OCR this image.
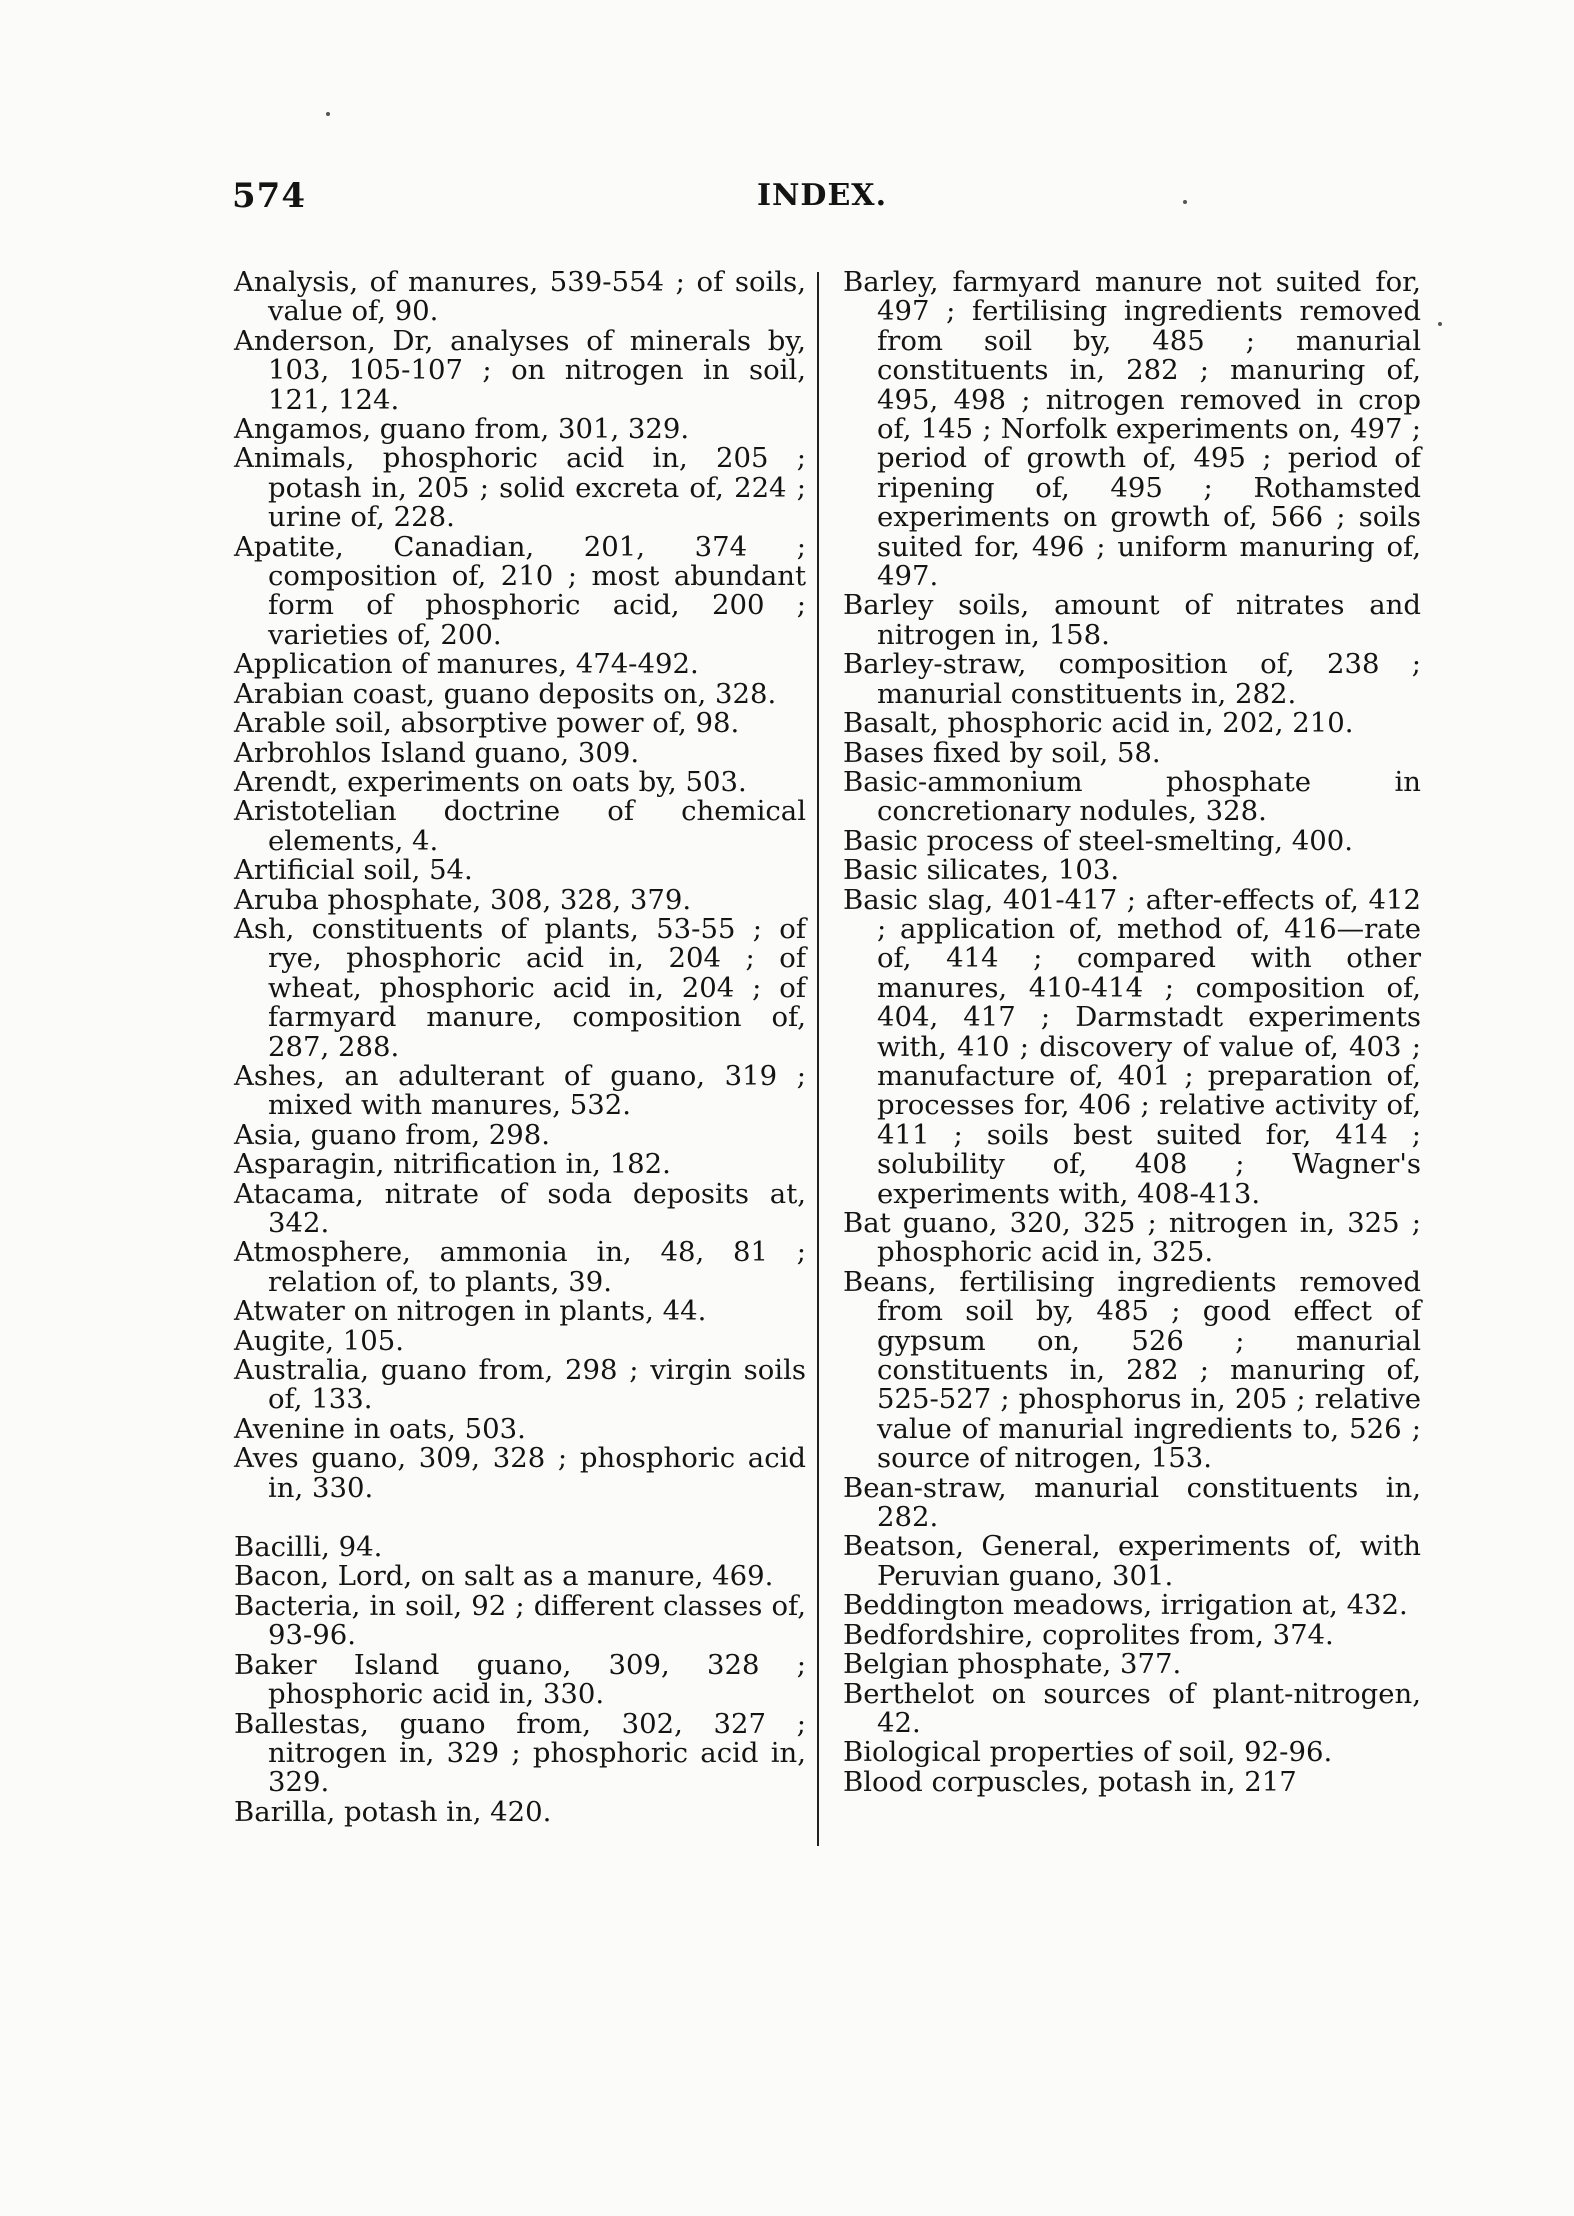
574	INDEX.

Analysis, of manures, 539-554 ; of soils, value of, 90.

Anderson, Dr, analyses of minerals by, 103, 105-107 ; on nitrogen in soil, 121, 124.

Angamos, guano from, 301, 329.

Animals, phosphoric acid in, 205 ; potash in, 205 ; solid excreta of, 224 ; urine of, 228.

Apatite, Canadian, 201, 374 ; composition of, 210 ; most abundant form of phosphoric acid, 200 ; varieties of, 200.

Application of manures, 474-492.

Arabian coast, guano deposits on, 328.

Arable soil, absorptive power of, 98.

Arbrohlos Island guano, 309.

Arendt, experiments on oats by, 503.

Aristotelian doctrine of chemical elements, 4.

Artificial soil, 54.

Aruba phosphate, 308, 328, 379.

Ash, constituents of plants, 53-55 ; of rye, phosphoric acid in, 204 ; of wheat, phosphoric acid in, 204 ; of farmyard manure, composition of, 287, 288.

Ashes, an adulterant of guano, 319 ; mixed with manures, 532.

Asia, guano from, 298.

Asparagin, nitrification in, 182.

Atacama, nitrate of soda deposits at, 342.

Atmosphere, ammonia in, 48, 81 ; relation of, to plants, 39.

Atwater on nitrogen in plants, 44.

Augite, 105.

Australia, guano from, 298 ; virgin soils of, 133.

Avenine in oats, 503.

Aves guano, 309, 328 ; phosphoric acid in, 330.

Bacilli, 94.

Bacon, Lord, on salt as a manure, 469.

Bacteria, in soil, 92 ; different classes of, 93-96.

Baker Island guano, 309, 328 ; phosphoric acid in, 330.

Ballestas, guano from, 302, 327 ; nitrogen in, 329 ; phosphoric acid in, 329.

Barilla, potash in, 420.

Barley, farmyard manure not suited for, 497 ; fertilising ingredients removed from soil by, 485 ; manurial constituents in, 282 ; manuring of, 495, 498 ; nitrogen removed in crop of, 145 ; Norfolk experiments on, 497 ; period of growth of, 495 ; period of ripening of, 495 ; Rothamsted experiments on growth of, 566 ; soils suited for, 496 ; uniform manuring of, 497.

Barley soils, amount of nitrates and nitrogen in, 158.

Barley-straw, composition of, 238 ; manurial constituents in, 282.

Basalt, phosphoric acid in, 202, 210.

Bases fixed by soil, 58.

Basic-ammonium phosphate in concretionary nodules, 328.

Basic process of steel-smelting, 400.

Basic silicates, 103.

Basic slag, 401-417 ; after-effects of, 412 ; application of, method of, 416—rate of, 414 ; compared with other manures, 410-414 ; composition of, 404, 417 ; Darmstadt experiments with, 410 ; discovery of value of, 403 ; manufacture of, 401 ; preparation of, processes for, 406 ; relative activity of, 411 ; soils best suited for, 414 ; solubility of, 408 ; Wagner's experiments with, 408-413.

Bat guano, 320, 325 ; nitrogen in, 325 ; phosphoric acid in, 325.

Beans, fertilising ingredients removed from soil by, 485 ; good effect of gypsum on, 526 ; manurial constituents in, 282 ; manuring of, 525-527 ; phosphorus in, 205 ; relative value of manurial ingredients to, 526 ; source of nitrogen, 153.

Bean-straw, manurial constituents in, 282.

Beatson, General, experiments of, with Peruvian guano, 301.

Beddington meadows, irrigation at, 432.

Bedfordshire, coprolites from, 374.

Belgian phosphate, 377.

Berthelot on sources of plant-nitrogen, 42.

Biological properties of soil, 92-96.

Blood corpuscles, potash in, 217
